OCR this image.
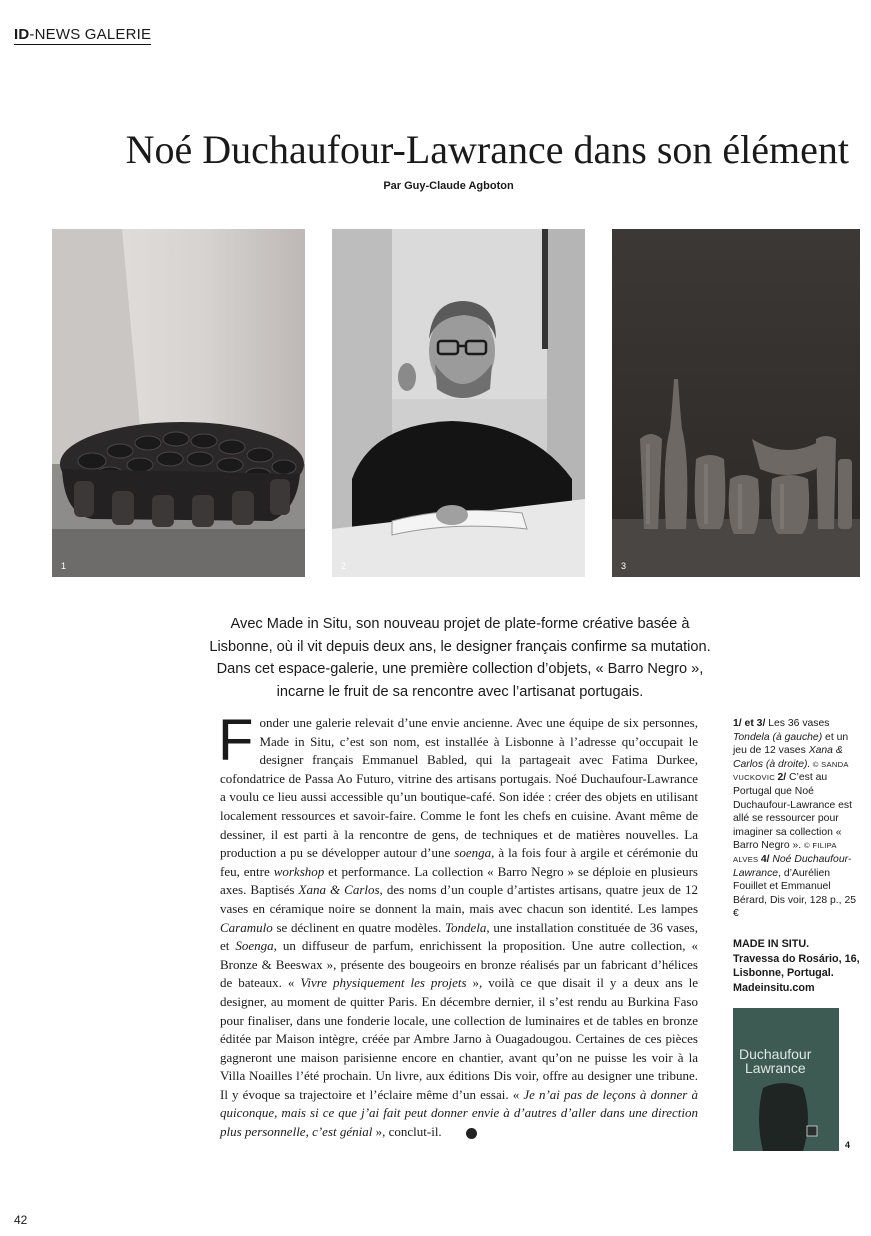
ID-NEWS GALERIE
Noé Duchaufour-Lawrance dans son élément
Par Guy-Claude Agboton
1	2	3

Avec Made in Situ, son nouveau projet de plate-forme créative basée à Lisbonne, où il vit depuis deux ans, le designer français confirme sa mutation. Dans cet espace-galerie, une première collection d’objets, « Barro Negro », incarne le fruit de sa rencontre avec l’artisanat portugais.

Fonder une galerie relevait d’une envie ancienne. Avec une équipe de six personnes, Made in Situ, c’est son nom, est installée à Lisbonne à l’adresse qu’occupait le designer français Emmanuel Babled, qui la partageait avec Fatima Durkee, cofondatrice de Passa Ao Futuro, vitrine des artisans portugais. Noé Duchaufour-Lawrance a voulu ce lieu aussi accessible qu’un boutique-café. Son idée : créer des objets en utilisant localement ressources et savoir-faire. Comme le font les chefs en cuisine. Avant même de dessiner, il est parti à la rencontre de gens, de techniques et de matières nouvelles. La production a pu se développer autour d’une soenga, à la fois four à argile et cérémonie du feu, entre workshop et performance. La collection « Barro Negro » se déploie en plusieurs axes. Baptisés Xana & Carlos, des noms d’un couple d’artistes artisans, quatre jeux de 12 vases en céramique noire se donnent la main, mais avec chacun son identité. Les lampes Caramulo se déclinent en quatre modèles. Tondela, une installation constituée de 36 vases, et Soenga, un diffuseur de parfum, enrichissent la proposition. Une autre collection, « Bronze & Beeswax », présente des bougeoirs en bronze réalisés par un fabricant d’hélices de bateaux. « Vivre physiquement les projets », voilà ce que disait il y a deux ans le designer, au moment de quitter Paris. En décembre dernier, il s’est rendu au Burkina Faso pour finaliser, dans une fonderie locale, une collection de luminaires et de tables en bronze éditée par Maison intègre, créée par Ambre Jarno à Ouagadougou. Certaines de ces pièces gagneront une maison parisienne encore en chantier, avant qu’on ne puisse les voir à la Villa Noailles l’été prochain. Un livre, aux éditions Dis voir, offre au designer une tribune. Il y évoque sa trajectoire et l’éclaire même d’un essai. « Je n’ai pas de leçons à donner à quiconque, mais si ce que j’ai fait peut donner envie à d’autres d’aller dans une direction plus personnelle, c’est génial », conclut-il.

1/ et 3/ Les 36 vases Tondela (à gauche) et un jeu de 12 vases Xana & Carlos (à droite). © SANDA VUCKOVIC 2/ C’est au Portugal que Noé Duchaufour-Lawrance est allé se ressourcer pour imaginer sa collection « Barro Negro ». © FILIPA ALVES 4/ Noé Duchaufour-Lawrance, d’Aurélien Fouillet et Emmanuel Bérard, Dis voir, 128 p., 25 €

MADE IN SITU.
Travessa do Rosário, 16,
Lisbonne, Portugal.
Madeinsitu.com
Duchaufour
Lawrance
4
42
